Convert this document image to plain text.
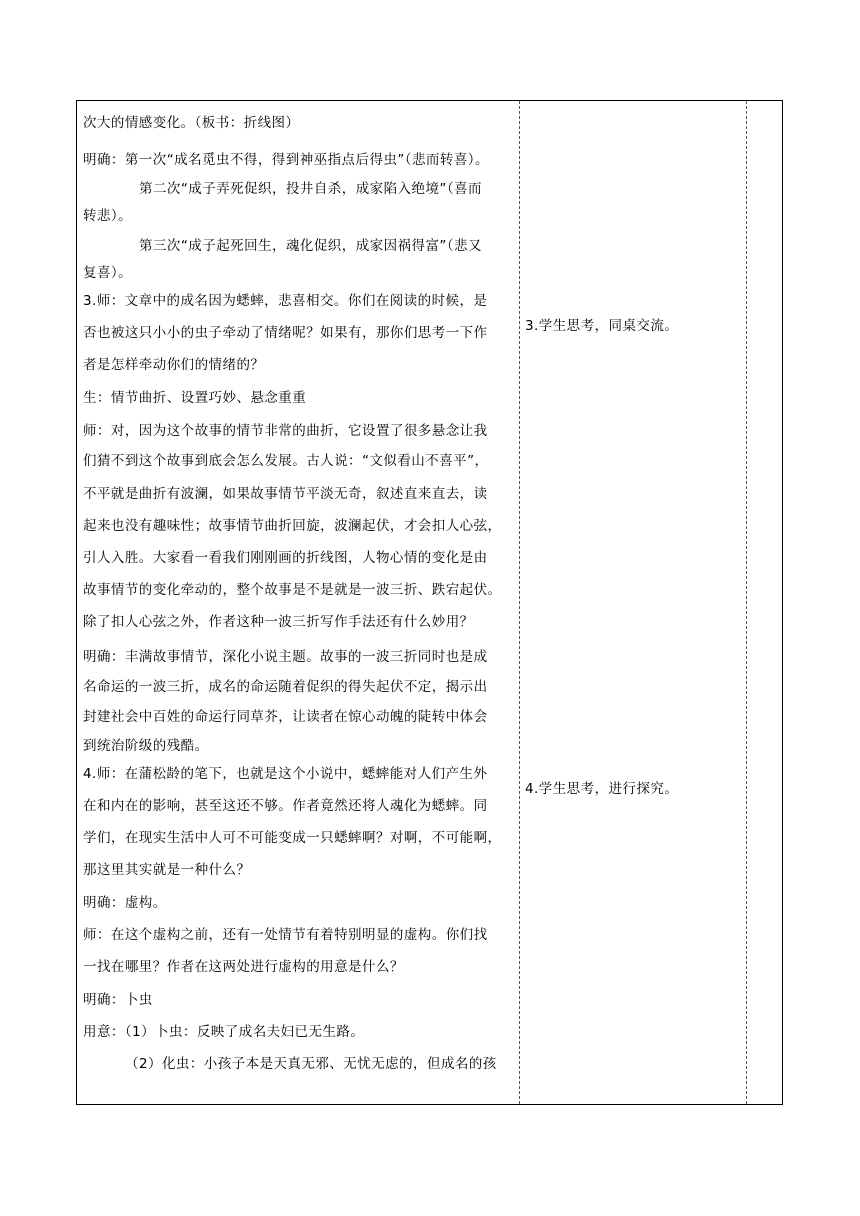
次大的情感变化。（板书：折线图）
明确：第一次“成名觅虫不得，得到神巫指点后得虫”（悲而转喜）。
第二次“成子弄死促织，投井自杀，成家陷入绝境”（喜而
转悲）。
第三次“成子起死回生，魂化促织，成家因祸得富”（悲又
复喜）。
3.师：文章中的成名因为蟋蟀，悲喜相交。你们在阅读的时候，是
否也被这只小小的虫子牵动了情绪呢？如果有，那你们思考一下作
者是怎样牵动你们的情绪的？
生：情节曲折、设置巧妙、悬念重重
师：对，因为这个故事的情节非常的曲折，它设置了很多悬念让我
们猜不到这个故事到底会怎么发展。古人说：“文似看山不喜平”，
不平就是曲折有波澜，如果故事情节平淡无奇，叙述直来直去，读
起来也没有趣味性；故事情节曲折回旋，波澜起伏，才会扣人心弦，
引人入胜。大家看一看我们刚刚画的折线图，人物心情的变化是由
故事情节的变化牵动的，整个故事是不是就是一波三折、跌宕起伏。
除了扣人心弦之外，作者这种一波三折写作手法还有什么妙用？
明确：丰满故事情节，深化小说主题。故事的一波三折同时也是成
名命运的一波三折，成名的命运随着促织的得失起伏不定，揭示出
封建社会中百姓的命运行同草芥，让读者在惊心动魄的陡转中体会
到统治阶级的残酷。
4.师：在蒲松龄的笔下，也就是这个小说中，蟋蟀能对人们产生外
在和内在的影响，甚至这还不够。作者竟然还将人魂化为蟋蟀。同
学们，在现实生活中人可不可能变成一只蟋蟀啊？对啊，不可能啊，
那这里其实就是一种什么？
明确：虚构。
师：在这个虚构之前，还有一处情节有着特别明显的虚构。你们找
一找在哪里？作者在这两处进行虚构的用意是什么？
明确：卜虫
用意：（1）卜虫：反映了成名夫妇已无生路。
（2）化虫：小孩子本是天真无邪、无忧无虑的，但成名的孩
3.学生思考，同桌交流。
4.学生思考，进行探究。
